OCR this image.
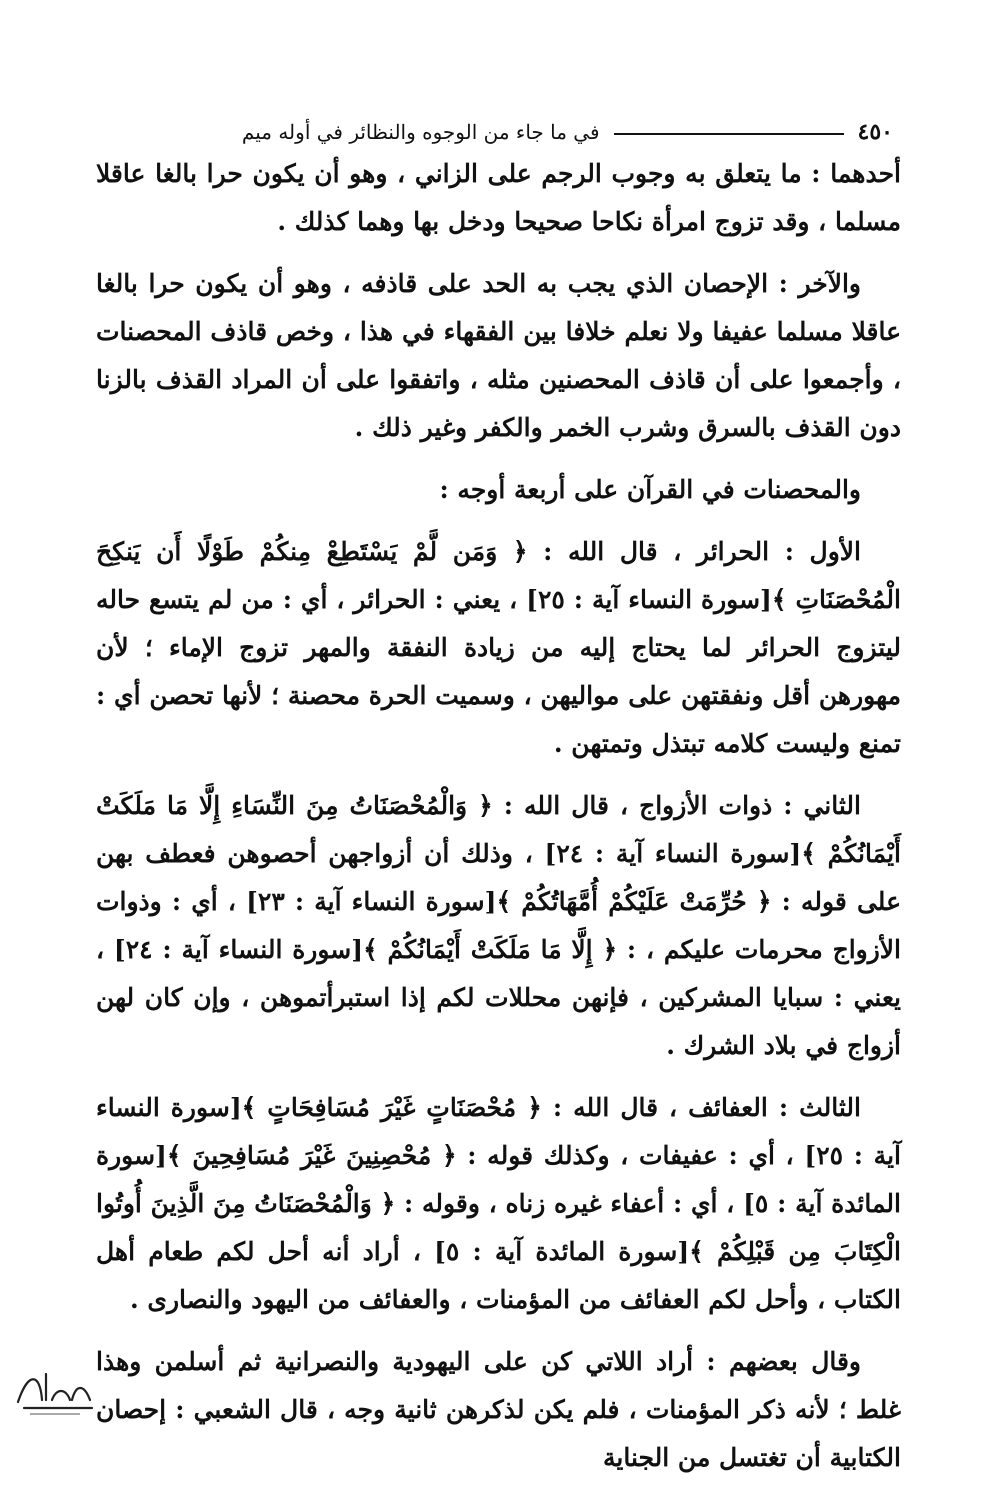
٤٥٠
في ما جاء من الوجوه والنظائر في أوله ميم

أحدهما : ما يتعلق به وجوب الرجم على الزاني ، وهو أن يكون حرا بالغا عاقلا مسلما ، وقد تزوج امرأة نكاحا صحيحا ودخل بها وهما كذلك .

والآخر : الإحصان الذي يجب به الحد على قاذفه ، وهو أن يكون حرا بالغا عاقلا مسلما عفيفا ولا نعلم خلافا بين الفقهاء في هذا ، وخص قاذف المحصنات ، وأجمعوا على أن قاذف المحصنين مثله ، واتفقوا على أن المراد القذف بالزنا دون القذف بالسرق وشرب الخمر والكفر وغير ذلك .

والمحصنات في القرآن على أربعة أوجه :

الأول : الحرائر ، قال الله : ﴿ وَمَن لَّمْ يَسْتَطِعْ مِنكُمْ طَوْلًا أَن يَنكِحَ الْمُحْصَنَاتِ ﴾[سورة النساء آية : ٢٥] ، يعني : الحرائر ، أي : من لم يتسع حاله ليتزوج الحرائر لما يحتاج إليه من زيادة النفقة والمهر تزوج الإماء ؛ لأن مهورهن أقل ونفقتهن على مواليهن ، وسميت الحرة محصنة ؛ لأنها تحصن أي : تمنع وليست كلامه تبتذل وتمتهن .

الثاني : ذوات الأزواج ، قال الله : ﴿ وَالْمُحْصَنَاتُ مِنَ النِّسَاءِ إِلَّا مَا مَلَكَتْ أَيْمَانُكُمْ ﴾[سورة النساء آية : ٢٤] ، وذلك أن أزواجهن أحصوهن فعطف بهن على قوله : ﴿ حُرِّمَتْ عَلَيْكُمْ أُمَّهَاتُكُمْ ﴾[سورة النساء آية : ٢٣] ، أي : وذوات الأزواج محرمات عليكم ، : ﴿ إِلَّا مَا مَلَكَتْ أَيْمَانُكُمْ ﴾[سورة النساء آية : ٢٤] ، يعني : سبايا المشركين ، فإنهن محللات لكم إذا استبرأتموهن ، وإن كان لهن أزواج في بلاد الشرك .

الثالث : العفائف ، قال الله : ﴿ مُحْصَنَاتٍ غَيْرَ مُسَافِحَاتٍ ﴾[سورة النساء آية : ٢٥] ، أي : عفيفات ، وكذلك قوله : ﴿ مُحْصِنِينَ غَيْرَ مُسَافِحِينَ ﴾[سورة المائدة آية : ٥] ، أي : أعفاء غيره زناه ، وقوله : ﴿ وَالْمُحْصَنَاتُ مِنَ الَّذِينَ أُوتُوا الْكِتَابَ مِن قَبْلِكُمْ ﴾[سورة المائدة آية : ٥] ، أراد أنه أحل لكم طعام أهل الكتاب ، وأحل لكم العفائف من المؤمنات ، والعفائف من اليهود والنصارى .

وقال بعضهم : أراد اللاتي كن على اليهودية والنصرانية ثم أسلمن وهذا غلط ؛ لأنه ذكر المؤمنات ، فلم يكن لذكرهن ثانية وجه ، قال الشعبي : إحصان الكتابية أن تغتسل من الجناية
